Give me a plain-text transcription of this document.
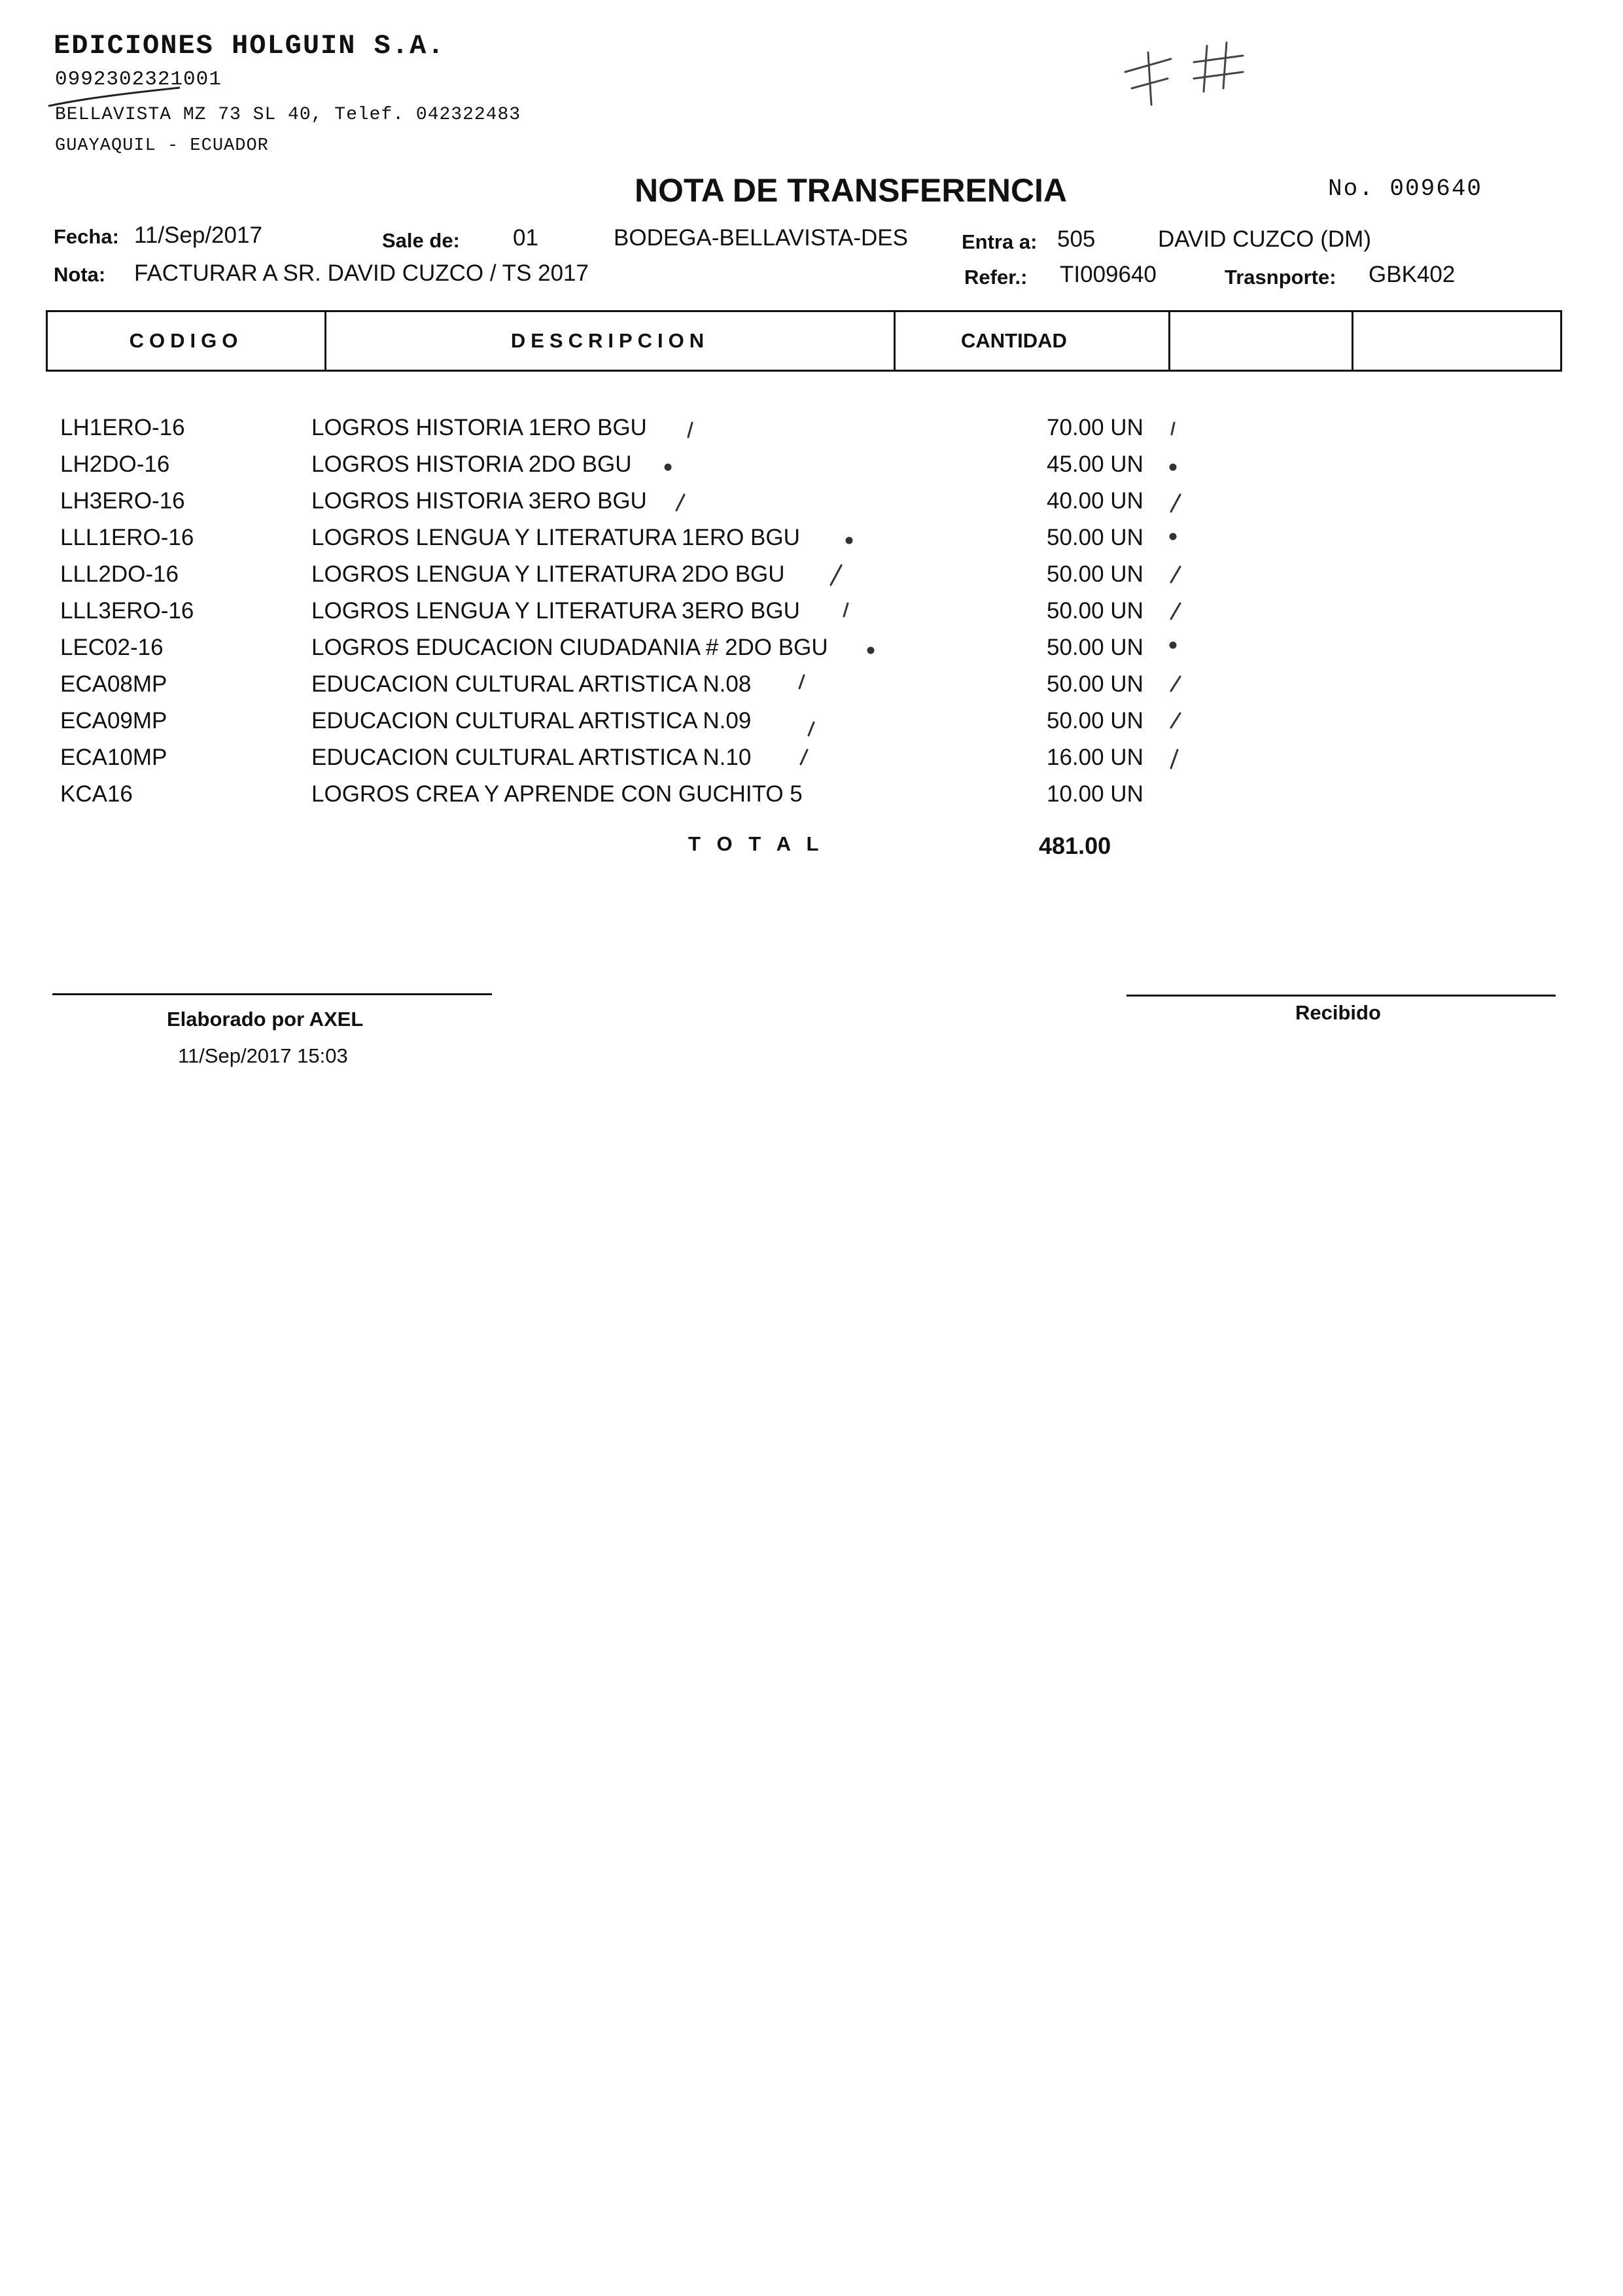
EDICIONES HOLGUIN S.A.
0992302321001
BELLAVISTA MZ 73 SL 40, Telef. 042322483
GUAYAQUIL - ECUADOR
NOTA DE TRANSFERENCIA	No. 009640
Fecha: 11/Sep/2017	Sale de: 01	BODEGA-BELLAVISTA-DES	Entra a: 505	DAVID CUZCO (DM)
Nota: FACTURAR A SR. DAVID CUZCO / TS 2017	Refer.: TI009640	Trasnporte: GBK402
CODIGO	DESCRIPCION	CANTIDAD
LH1ERO-16	LOGROS HISTORIA 1ERO BGU	70.00 UN
LH2DO-16	LOGROS HISTORIA 2DO BGU	45.00 UN
LH3ERO-16	LOGROS HISTORIA 3ERO BGU	40.00 UN
LLL1ERO-16	LOGROS LENGUA Y LITERATURA 1ERO BGU	50.00 UN
LLL2DO-16	LOGROS LENGUA Y LITERATURA 2DO BGU	50.00 UN
LLL3ERO-16	LOGROS LENGUA Y LITERATURA 3ERO BGU	50.00 UN
LEC02-16	LOGROS EDUCACION CIUDADANIA # 2DO BGU	50.00 UN
ECA08MP	EDUCACION CULTURAL ARTISTICA N.08	50.00 UN
ECA09MP	EDUCACION CULTURAL ARTISTICA N.09	50.00 UN
ECA10MP	EDUCACION CULTURAL ARTISTICA N.10	16.00 UN
KCA16	LOGROS CREA Y APRENDE CON GUCHITO 5	10.00 UN
T O T A L	481.00
Elaborado por AXEL
11/Sep/2017 15:03
Recibido
